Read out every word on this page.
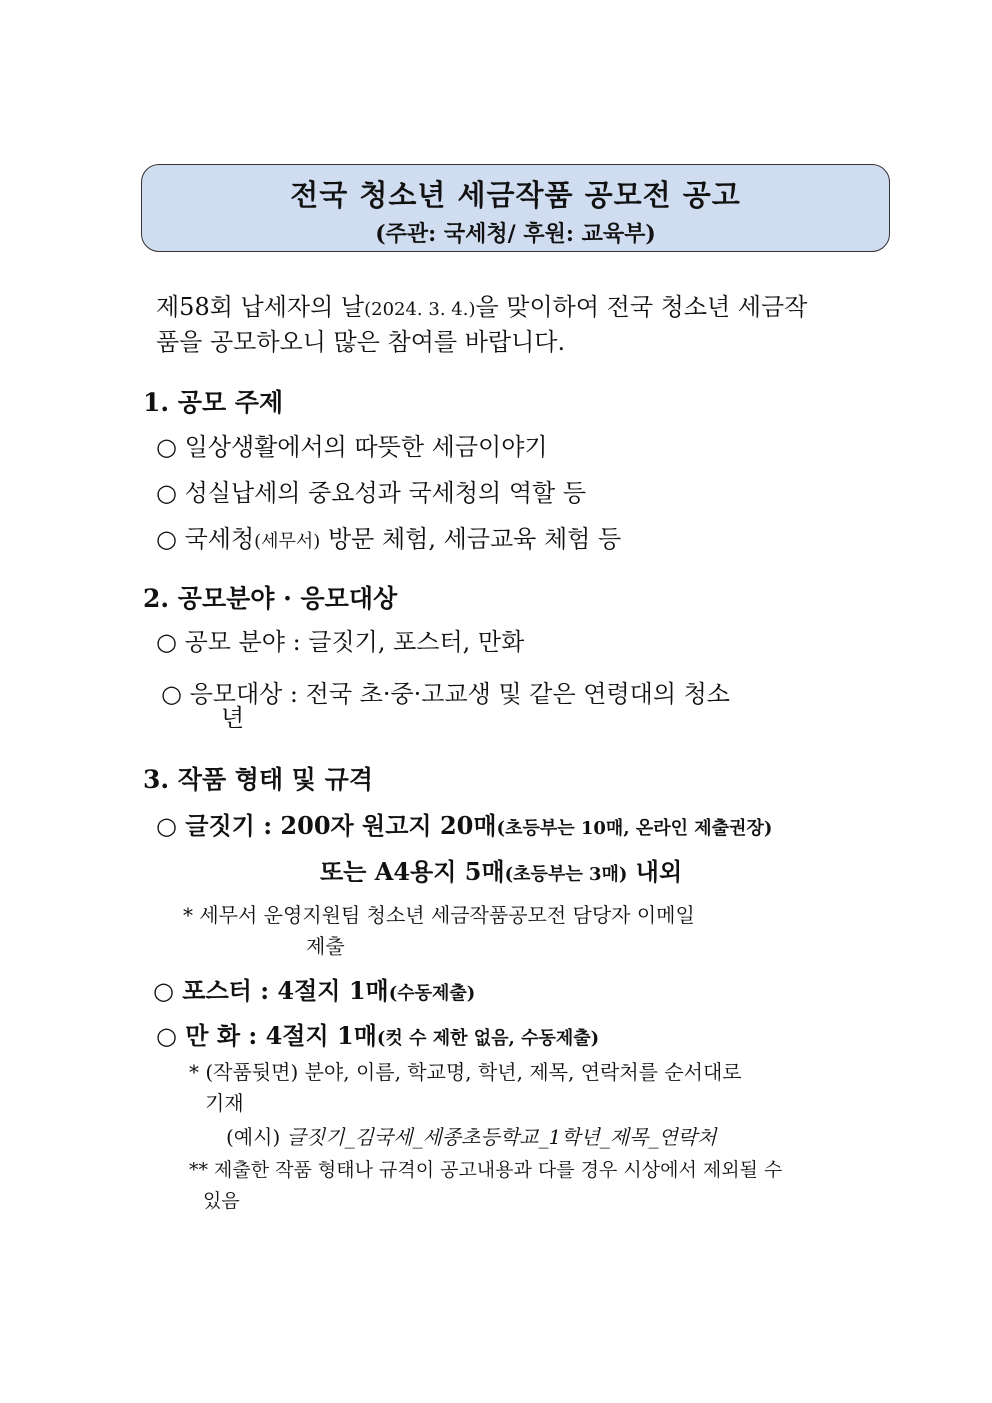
전국 청소년 세금작품 공모전 공고
(주관: 국세청/ 후원: 교육부)
제58회 납세자의 날(2024. 3. 4.)을 맞이하여 전국 청소년 세금작
품을 공모하오니 많은 참여를 바랍니다.
1. 공모 주제
○ 일상생활에서의 따뜻한 세금이야기
○ 성실납세의 중요성과 국세청의 역할 등
○ 국세청(세무서) 방문 체험, 세금교육 체험 등
2. 공모분야 · 응모대상
○ 공모 분야 : 글짓기, 포스터, 만화
○ 응모대상 : 전국 초·중·고교생 및 같은 연령대의 청소
년
3. 작품 형태 및 규격
○ 글짓기 : 200자 원고지 20매(초등부는 10매, 온라인 제출권장)
또는 A4용지 5매(초등부는 3매) 내외
* 세무서 운영지원팀 청소년 세금작품공모전 담당자 이메일
제출
○ 포스터 : 4절지 1매(수동제출)
○ 만 화 : 4절지 1매(컷 수 제한 없음, 수동제출)
* (작품뒷면) 분야, 이름, 학교명, 학년, 제목, 연락처를 순서대로
기재
(예시) 글짓기_김국세_세종초등학교_1학년_제목_연락처
** 제출한 작품 형태나 규격이 공고내용과 다를 경우 시상에서 제외될 수
있음
